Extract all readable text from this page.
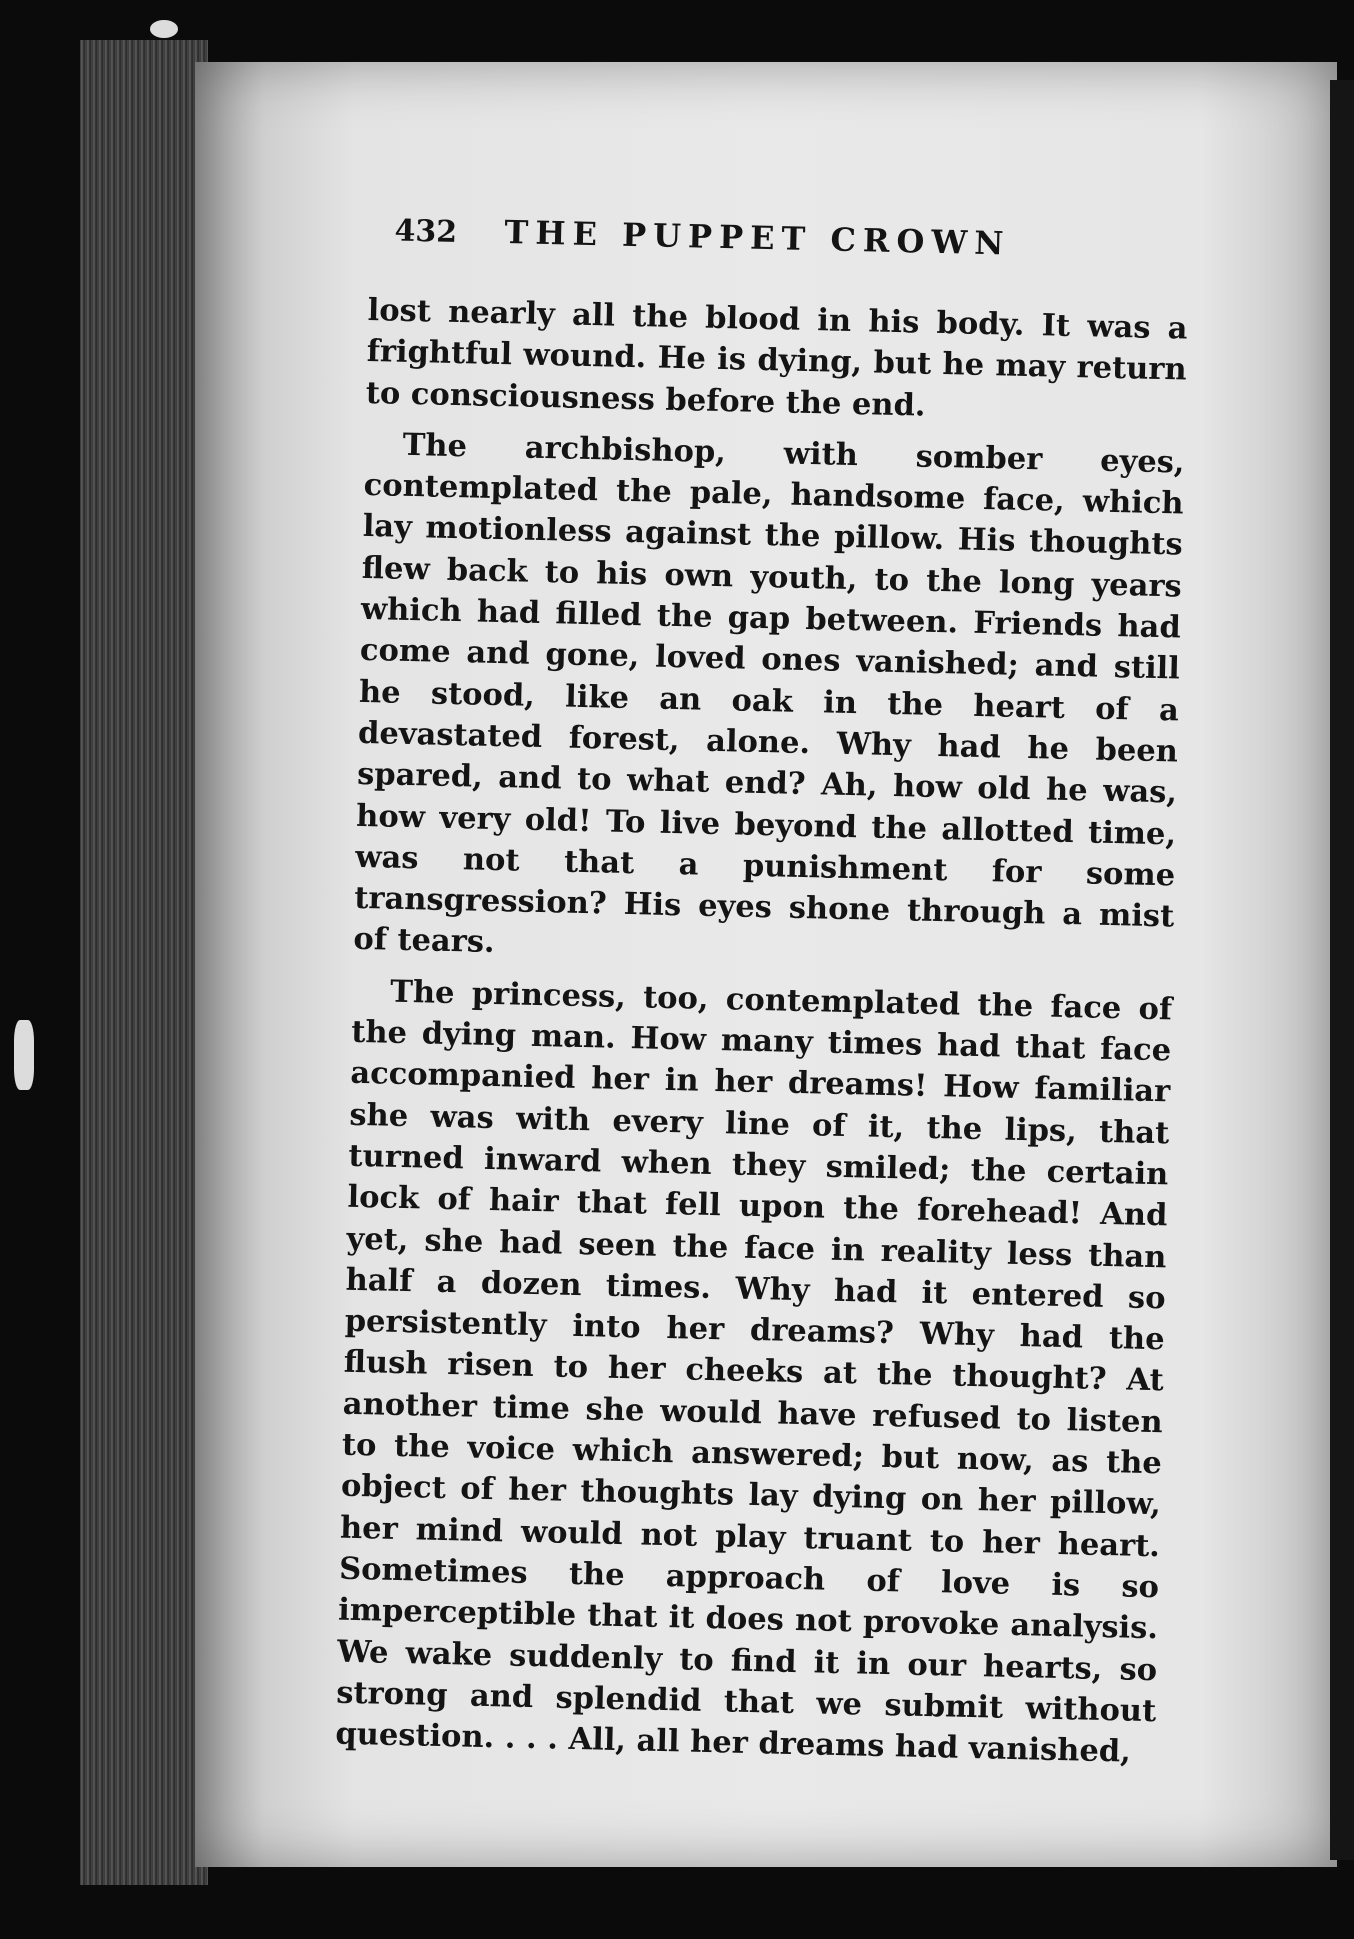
432	THE PUPPET CROWN

lost nearly all the blood in his body. It was a frightful wound. He is dying, but he may return to consciousness before the end.

The archbishop, with somber eyes, contemplated the pale, handsome face, which lay motionless against the pillow. His thoughts flew back to his own youth, to the long years which had filled the gap between. Friends had come and gone, loved ones vanished; and still he stood, like an oak in the heart of a devastated forest, alone. Why had he been spared, and to what end? Ah, how old he was, how very old! To live beyond the allotted time, was not that a punishment for some transgression? His eyes shone through a mist of tears.

The princess, too, contemplated the face of the dying man. How many times had that face accompanied her in her dreams! How familiar she was with every line of it, the lips, that turned inward when they smiled; the certain lock of hair that fell upon the forehead! And yet, she had seen the face in reality less than half a dozen times. Why had it entered so persistently into her dreams? Why had the flush risen to her cheeks at the thought? At another time she would have refused to listen to the voice which answered; but now, as the object of her thoughts lay dying on her pillow, her mind would not play truant to her heart. Sometimes the approach of love is so imperceptible that it does not provoke analysis. We wake suddenly to find it in our hearts, so strong and splendid that we submit without question. . . . All, all her dreams had vanished,
